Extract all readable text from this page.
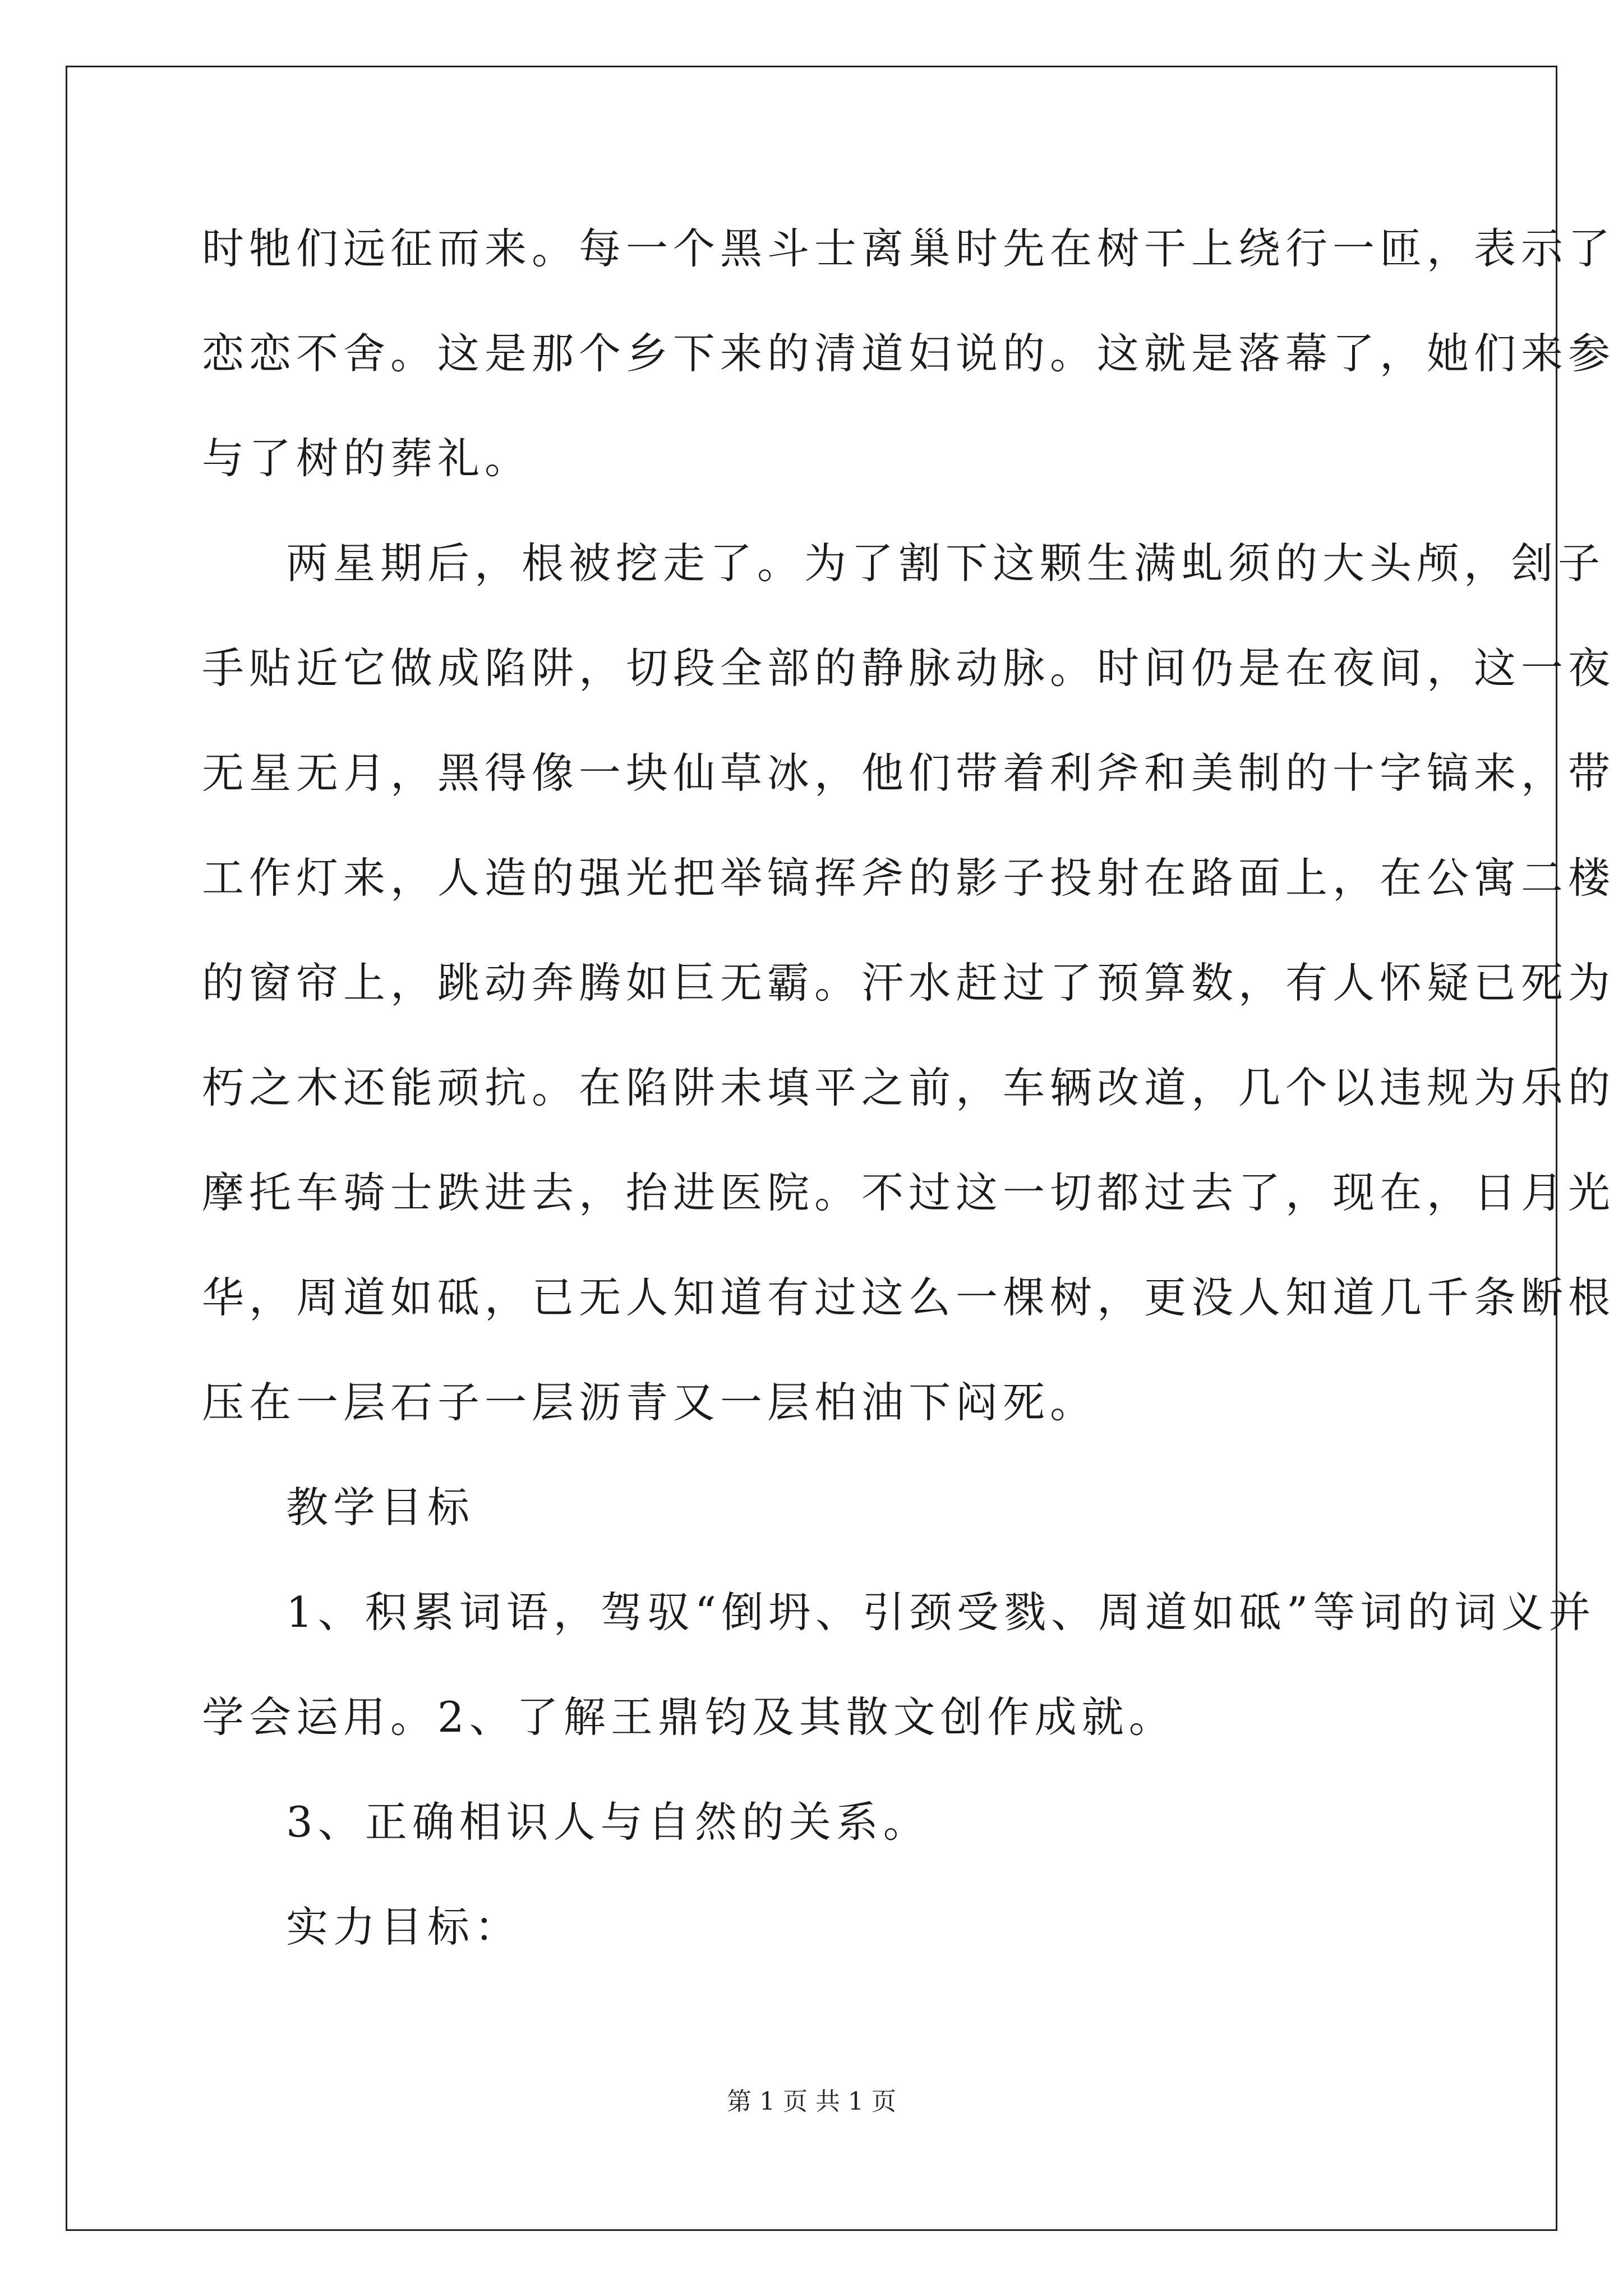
时牠们远征而来。每一个黑斗士离巢时先在树干上绕行一匝，表示了
恋恋不舍。这是那个乡下来的清道妇说的。这就是落幕了，她们来参
与了树的葬礼。

两星期后，根被挖走了。为了割下这颗生满虬须的大头颅，刽子
手贴近它做成陷阱，切段全部的静脉动脉。时间仍是在夜间，这一夜
无星无月，黑得像一块仙草冰，他们带着利斧和美制的十字镐来，带
工作灯来，人造的强光把举镐挥斧的影子投射在路面上，在公寓二楼
的窗帘上，跳动奔腾如巨无霸。汗水赶过了预算数，有人怀疑已死为
朽之木还能顽抗。在陷阱未填平之前，车辆改道，几个以违规为乐的
摩托车骑士跌进去，抬进医院。不过这一切都过去了，现在，日月光
华，周道如砥，已无人知道有过这么一棵树，更没人知道几千条断根
压在一层石子一层沥青又一层柏油下闷死。

教学目标

1、积累词语，驾驭“倒坍、引颈受戮、周道如砥”等词的词义并
学会运用。2、了解王鼎钧及其散文创作成就。

3、正确相识人与自然的关系。

实力目标：

第 1 页 共 1 页
